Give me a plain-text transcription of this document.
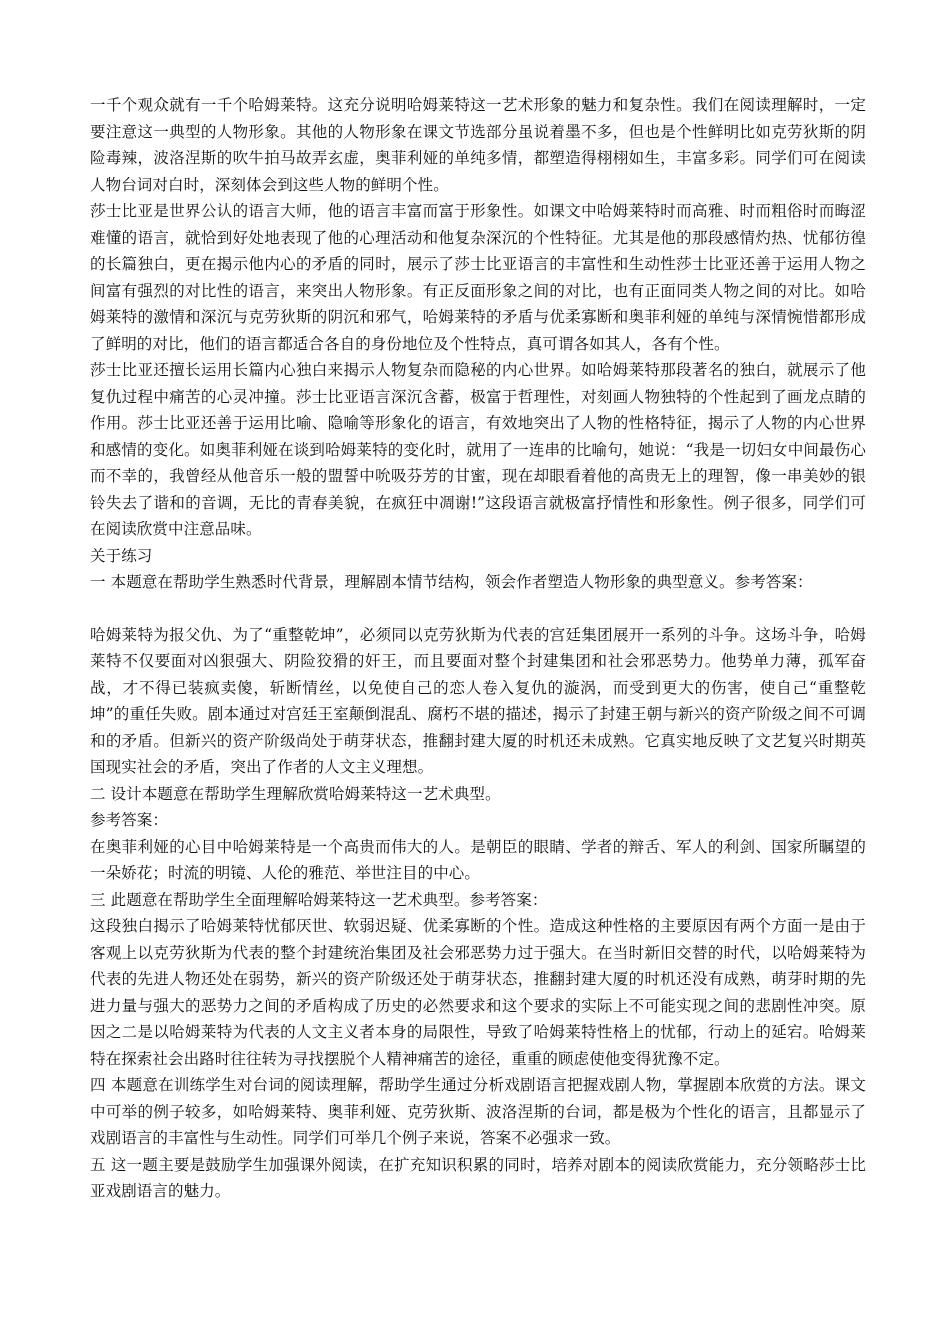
一千个观众就有一千个哈姆莱特。这充分说明哈姆莱特这一艺术形象的魅力和复杂性。我们在阅读理解时，一定要注意这一典型的人物形象。其他的人物形象在课文节选部分虽说着墨不多，但也是个性鲜明比如克劳狄斯的阴险毒辣，波洛涅斯的吹牛拍马故弄玄虚，奥菲利娅的单纯多情，都塑造得栩栩如生，丰富多彩。同学们可在阅读人物台词对白时，深刻体会到这些人物的鲜明个性。

莎士比亚是世界公认的语言大师，他的语言丰富而富于形象性。如课文中哈姆莱特时而高雅、时而粗俗时而晦涩难懂的语言，就恰到好处地表现了他的心理活动和他复杂深沉的个性特征。尤其是他的那段感情灼热、忧郁彷徨的长篇独白，更在揭示他内心的矛盾的同时，展示了莎士比亚语言的丰富性和生动性莎士比亚还善于运用人物之间富有强烈的对比性的语言，来突出人物形象。有正反面形象之间的对比，也有正面同类人物之间的对比。如哈姆莱特的激情和深沉与克劳狄斯的阴沉和邪气，哈姆莱特的矛盾与优柔寡断和奥菲利娅的单纯与深情惋惜都形成了鲜明的对比，他们的语言都适合各自的身份地位及个性特点，真可谓各如其人，各有个性。

莎士比亚还擅长运用长篇内心独白来揭示人物复杂而隐秘的内心世界。如哈姆莱特那段著名的独白，就展示了他复仇过程中痛苦的心灵冲撞。莎士比亚语言深沉含蓄，极富于哲理性，对刻画人物独特的个性起到了画龙点睛的作用。莎士比亚还善于运用比喻、隐喻等形象化的语言，有效地突出了人物的性格特征，揭示了人物的内心世界和感情的变化。如奥菲利娅在谈到哈姆莱特的变化时，就用了一连串的比喻句，她说：“我是一切妇女中间最伤心而不幸的，我曾经从他音乐一般的盟誓中吮吸芬芳的甘蜜，现在却眼看着他的高贵无上的理智，像一串美妙的银铃失去了谐和的音调，无比的青春美貌，在疯狂中凋谢!”这段语言就极富抒情性和形象性。例子很多，同学们可在阅读欣赏中注意品味。

关于练习

一 本题意在帮助学生熟悉时代背景，理解剧本情节结构，领会作者塑造人物形象的典型意义。参考答案：

哈姆莱特为报父仇、为了“重整乾坤”，必须同以克劳狄斯为代表的宫廷集团展开一系列的斗争。这场斗争，哈姆莱特不仅要面对凶狠强大、阴险狡猾的奸王，而且要面对整个封建集团和社会邪恶势力。他势单力薄，孤军奋战，才不得已装疯卖傻，斩断情丝，以免使自己的恋人卷入复仇的漩涡，而受到更大的伤害，使自己“重整乾坤”的重任失败。剧本通过对宫廷王室颠倒混乱、腐朽不堪的描述，揭示了封建王朝与新兴的资产阶级之间不可调和的矛盾。但新兴的资产阶级尚处于萌芽状态，推翻封建大厦的时机还未成熟。它真实地反映了文艺复兴时期英国现实社会的矛盾，突出了作者的人文主义理想。

二 设计本题意在帮助学生理解欣赏哈姆莱特这一艺术典型。

参考答案：

在奥菲利娅的心目中哈姆莱特是一个高贵而伟大的人。是朝臣的眼睛、学者的辩舌、军人的利剑、国家所瞩望的一朵娇花；时流的明镜、人伦的雅范、举世注目的中心。

三 此题意在帮助学生全面理解哈姆莱特这一艺术典型。参考答案：

这段独白揭示了哈姆莱特忧郁厌世、软弱迟疑、优柔寡断的个性。造成这种性格的主要原因有两个方面一是由于客观上以克劳狄斯为代表的整个封建统治集团及社会邪恶势力过于强大。在当时新旧交替的时代，以哈姆莱特为代表的先进人物还处在弱势，新兴的资产阶级还处于萌芽状态，推翻封建大厦的时机还没有成熟，萌芽时期的先进力量与强大的恶势力之间的矛盾构成了历史的必然要求和这个要求的实际上不可能实现之间的悲剧性冲突。原因之二是以哈姆莱特为代表的人文主义者本身的局限性，导致了哈姆莱特性格上的忧郁，行动上的延宕。哈姆莱特在探索社会出路时往往转为寻找摆脱个人精神痛苦的途径，重重的顾虑使他变得犹豫不定。

四 本题意在训练学生对台词的阅读理解，帮助学生通过分析戏剧语言把握戏剧人物，掌握剧本欣赏的方法。课文中可举的例子较多，如哈姆莱特、奥菲利娅、克劳狄斯、波洛涅斯的台词，都是极为个性化的语言，且都显示了戏剧语言的丰富性与生动性。同学们可举几个例子来说，答案不必强求一致。

五 这一题主要是鼓励学生加强课外阅读，在扩充知识积累的同时，培养对剧本的阅读欣赏能力，充分领略莎士比亚戏剧语言的魅力。
